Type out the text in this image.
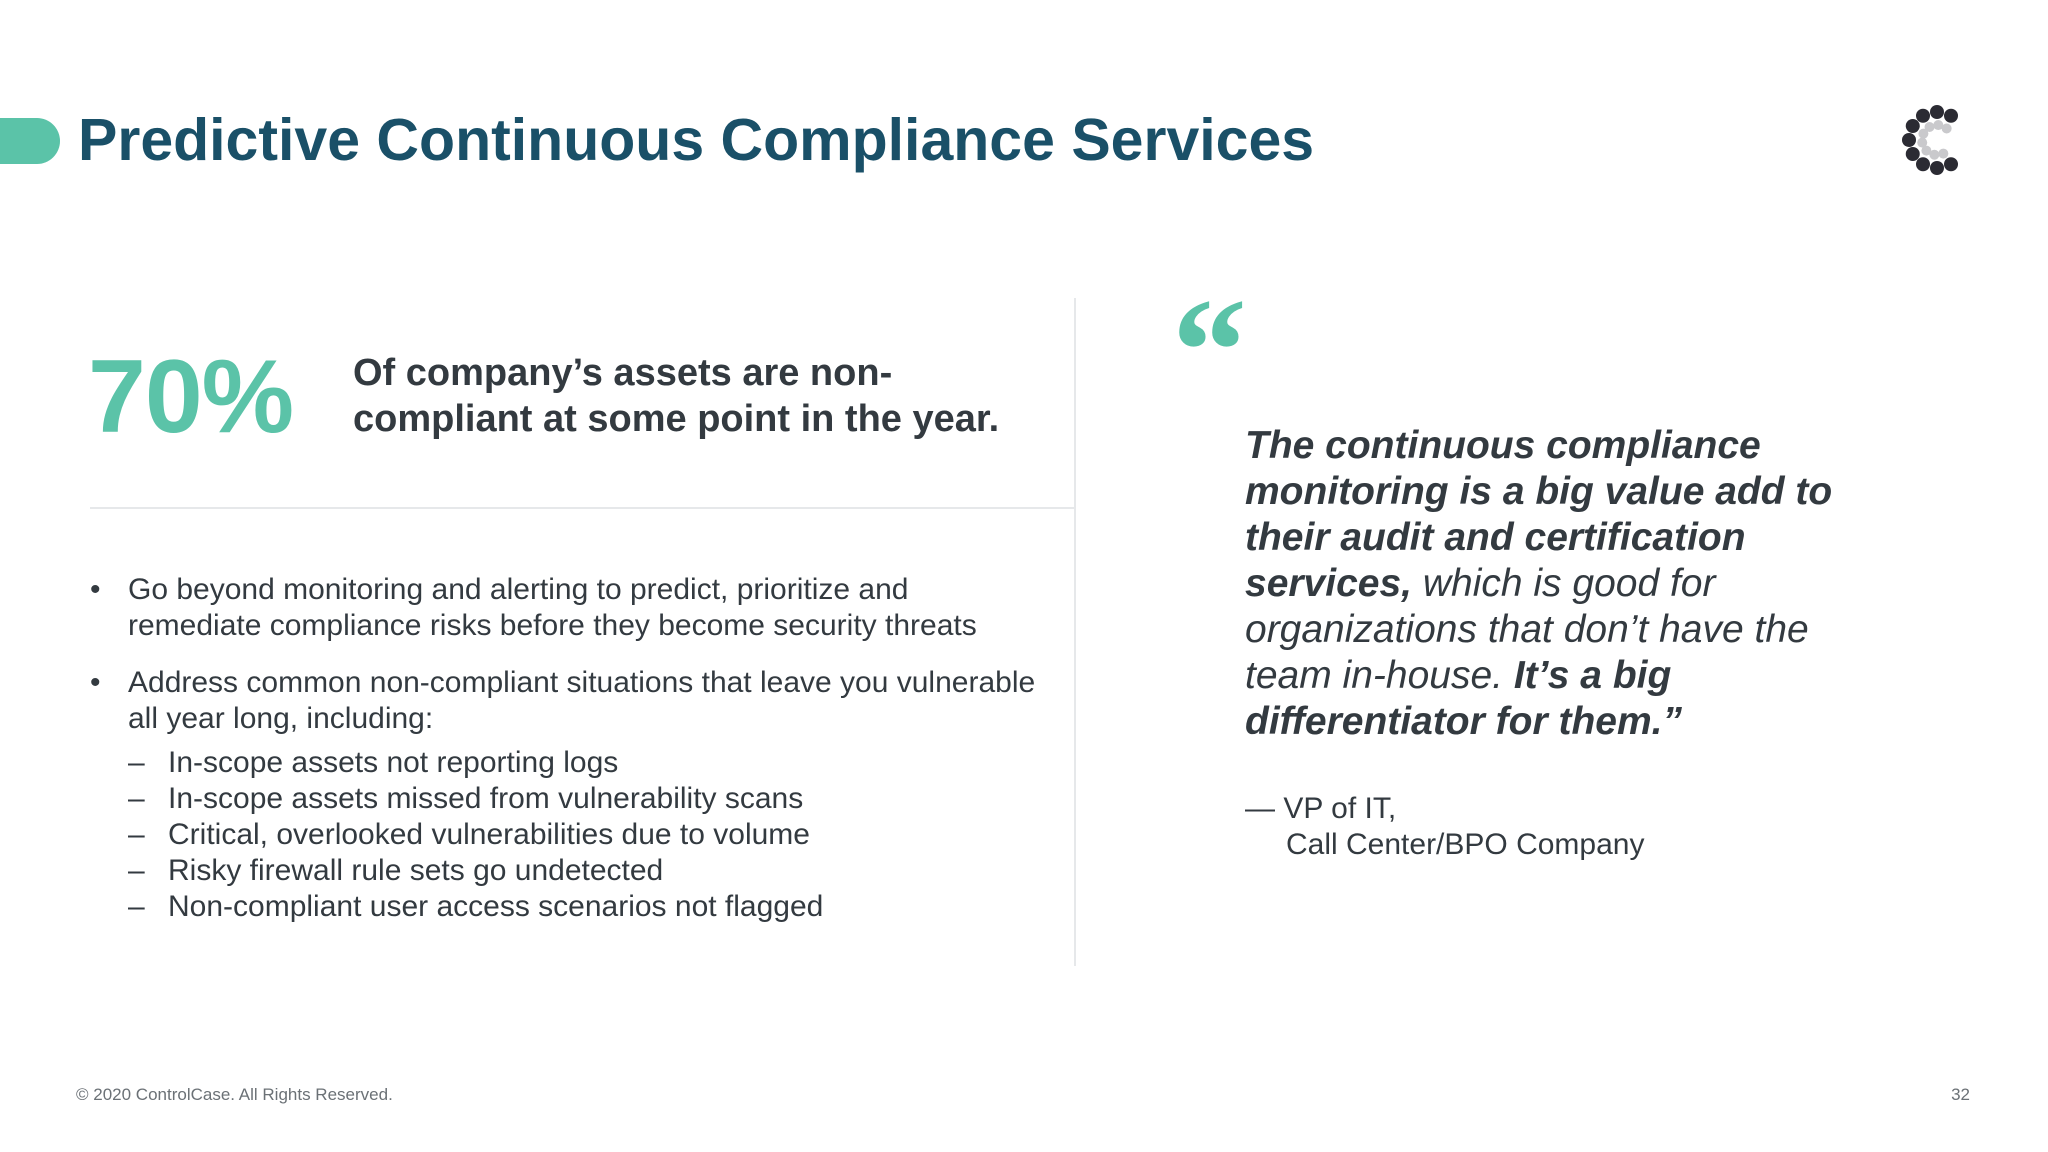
Predictive Continuous Compliance Services
70% Of company’s assets are non-compliant at some point in the year.
• Go beyond monitoring and alerting to predict, prioritize and remediate compliance risks before they become security threats
• Address common non-compliant situations that leave you vulnerable all year long, including:
– In-scope assets not reporting logs
– In-scope assets missed from vulnerability scans
– Critical, overlooked vulnerabilities due to volume
– Risky firewall rule sets go undetected
– Non-compliant user access scenarios not flagged
“

The continuous compliance monitoring is a big value add to their audit and certification services, which is good for organizations that don’t have the team in-house. It’s a big differentiator for them.”

— VP of IT,
Call Center/BPO Company
© 2020 ControlCase. All Rights Reserved.	32
